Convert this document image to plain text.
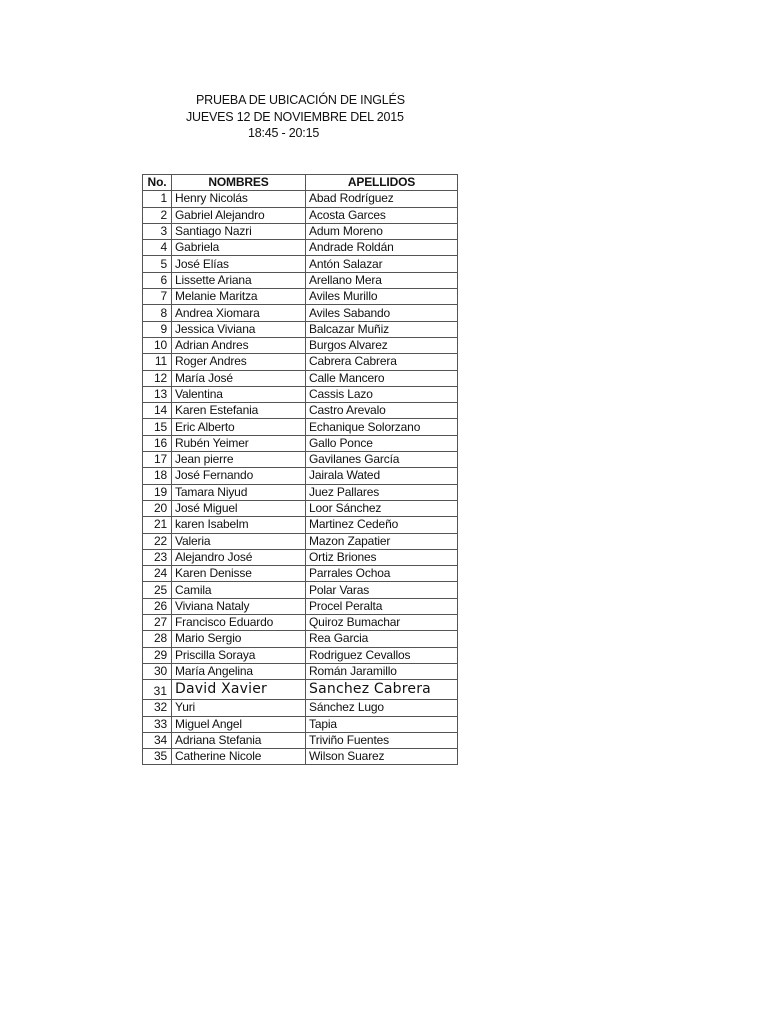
PRUEBA DE UBICACIÓN DE INGLÉS
JUEVES 12 DE NOVIEMBRE DEL 2015
18:45 - 20:15
No.	NOMBRES	APELLIDOS
1	Henry Nicolás	Abad Rodríguez
2	Gabriel Alejandro	Acosta Garces
3	Santiago Nazri	Adum Moreno
4	Gabriela	Andrade Roldán
5	José Elías	Antón Salazar
6	Lissette Ariana	Arellano Mera
7	Melanie Maritza	Aviles Murillo
8	Andrea Xiomara	Aviles Sabando
9	Jessica Viviana	Balcazar Muñiz
10	Adrian Andres	Burgos Alvarez
11	Roger Andres	Cabrera Cabrera
12	María José	Calle Mancero
13	Valentina	Cassis Lazo
14	Karen Estefania	Castro Arevalo
15	Eric Alberto	Echanique Solorzano
16	Rubén Yeimer	Gallo Ponce
17	Jean pierre	Gavilanes García
18	José Fernando	Jairala Wated
19	Tamara Niyud	Juez Pallares
20	José Miguel	Loor Sánchez
21	karen Isabelm	Martinez Cedeño
22	Valeria	Mazon Zapatier
23	Alejandro José	Ortiz Briones
24	Karen Denisse	Parrales Ochoa
25	Camila	Polar Varas
26	Viviana Nataly	Procel Peralta
27	Francisco Eduardo	Quiroz Bumachar
28	Mario Sergio	Rea Garcia
29	Priscilla Soraya	Rodriguez Cevallos
30	María Angelina	Román Jaramillo
31	David Xavier	Sanchez Cabrera
32	Yuri	Sánchez Lugo
33	Miguel Angel	Tapia
34	Adriana Stefania	Triviño Fuentes
35	Catherine Nicole	Wilson Suarez
